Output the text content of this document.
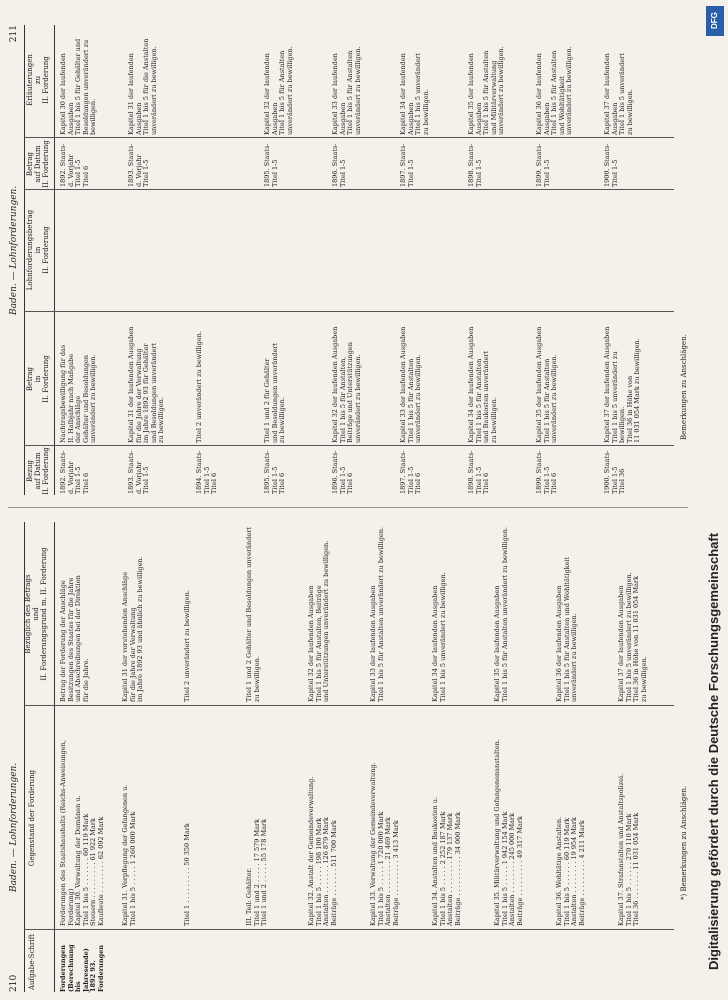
210
Baden. — Lohnforderungen.
Baden. — Lohnforderungen.
211
Aufgabe-Schrift
Gegenstand der Forderung
Bezüglich des Betrags
und
II. Forderungsgrund m. II. Forderung
Bezug
auf Datum
II. Forderung
Betrag
in
II. Forderung
Lohnforderungsbetrag
in
II. Forderung
Betrag
auf Datum
II. Forderung
Erläuterungen
zu
II. Forderung
Forderungen
(Berechnung bis
Jahresende)
1892 93.
Forderungen
Forderungen des Staatshaushalts (Reichs-Anweisungen, Forderung)
Kapitel 30. Verwaltung der Domänen u.
Titel 1 bis 5 . . . . . . . 60 119 Mark
Steuern . . . . . . . . . 61 922 Mark
Kaufleute . . . . . . . . 62 092 Mark
Betrag der Forderung der Anschläge
Besitzungen des Staates für die Jahre
und Abschreibungen bei der Direktion
für die Jahre.
Kapitel 31. Verpflegung der Gefangenen u.
Titel 1 bis 5 . . . . . 1 260 000 Mark
Kapitel 31 der vorstehenden Anschläge
für die Jahre der Verwaltung
im Jahre 1892 93 und ähnlich zu bewilligen.
Titel 1 . . . . . . . . . 50 350 Mark
Titel 2 unverändert zu bewilligen.
III. Teil: Gehälter.
Titel 1 und 2 . . . . . 17 579 Mark
Titel 1 und 2 . . . . . 55 178 Mark
Titel 1 und 2 Gehälter und Besoldungen unverändert zu bewilligen.
Kapitel 32. Anstalt der Gemeindeverwaltung.
Titel 1 bis 5 . . . . . 198 100 Mark
Anstalten . . . . . . . 126 879 Mark
Beiträge . . . . . . . 511 700 Mark
Kapitel 32 der laufenden Ausgaben
Titel 1 bis 5 für Anstalten, Beiträge
und Unterstützungen unverändert zu bewilligen.
Kapitel 33. Verwaltung der Gemeindeverwaltung.
Titel 1 bis 5 . . . . . 1 720 000 Mark
Anstalten . . . . . . . . 21 469 Mark
Beiträge . . . . . . . . . 3 413 Mark
Kapitel 33 der laufenden Ausgaben
Titel 1 bis 5 für Anstalten unverändert zu bewilligen.
Kapitel 34. Anstalten und Baukosten u.
Titel 1 bis 5 . . . . . 2 252 187 Mark
Anstalten . . . . . . . . 179 137 Mark
Beiträge . . . . . . . . . . 34 000 Mark
Kapitel 34 der laufenden Ausgaben
Titel 1 bis 5 unverändert zu bewilligen.
Kapitel 35. Militärverwaltung und Gefangenenanstalten.
Titel 1 bis 5 . . . . . 1 942 154 Mark
Anstalten . . . . . . . . 245 000 Mark
Beiträge . . . . . . . . . 49 317 Mark
Kapitel 35 der laufenden Ausgaben
Titel 1 bis 5 für Anstalten unverändert zu bewilligen.
Kapitel 36. Wohltätige Anstalten.
Titel 1 bis 5 . . . . . . 60 119 Mark
Anstalten . . . . . . . . 19 954 Mark
Beiträge . . . . . . . . . 4 211 Mark
Kapitel 36 der laufenden Ausgaben
Titel 1 bis 5 für Anstalten und Wohltätigkeit unverändert zu bewilligen.
Kapitel 37. Strafanstalten und Anstaltspolizei.
Titel 1 bis 5 . . . . . . 270 110 Mark
Titel 36 . . . . . . . 11 031 054 Mark
Kapitel 37 der laufenden Ausgaben
Titel 1 bis 5 unverändert zu bewilligen.
Titel 36 in Höhe von 11 031 054 Mark
zu bewilligen.
1892. Staats-
d. Vorjahr
Titel 1-5
Titel 6
Nachtragsbewilligung für das
II. Halbjahr nach Maßgabe
der Anschläge
Gehälter und Besoldungen
unverändert zu bewilligen.
1892. Staats-
d. Vorjahr
Titel 1-5
Titel 6
Kapitel 30 der laufenden Ausgaben
Titel 1 bis 5 für Gehälter und
Besoldungen unverändert zu bewilligen.
1893. Staats-
d. Vorjahr
Titel 1-5
Kapitel 31 der laufenden Ausgaben
für die Jahre der Verwaltung
im Jahre 1892 93 für Gehälter
und Besoldungen unverändert
zu bewilligen.
1893. Staats-
d. Vorjahr
Titel 1-5
Kapitel 31 der laufenden Ausgaben
Titel 1 bis 5 für die Anstalten
unverändert zu bewilligen.
1894. Staats-
Titel 1-5
Titel 6
Titel 2 unverändert zu bewilligen.
1895. Staats-
Titel 1-5
Titel 6
Titel 1 und 2 für Gehälter
und Besoldungen unverändert
zu bewilligen.
1895. Staats-
Titel 1-5
Kapitel 32 der laufenden Ausgaben
Titel 1 bis 5 für Anstalten
unverändert zu bewilligen.
1896. Staats-
Titel 1-5
Titel 6
Kapitel 32 der laufenden Ausgaben
Titel 1 bis 5 für Anstalten,
Beiträge und Unterstützungen
unverändert zu bewilligen.
1896. Staats-
Titel 1-5
Kapitel 33 der laufenden Ausgaben
Titel 1 bis 5 für Anstalten
unverändert zu bewilligen.
1897. Staats-
Titel 1-5
Titel 6
Kapitel 33 der laufenden Ausgaben
Titel 1 bis 5 für Anstalten
unverändert zu bewilligen.
1897. Staats-
Titel 1-5
Kapitel 34 der laufenden Ausgaben
Titel 1 bis 5 unverändert
zu bewilligen.
1898. Staats-
Titel 1-5
Titel 6
Kapitel 34 der laufenden Ausgaben
Titel 1 bis 5 für Anstalten
und Baukosten unverändert
zu bewilligen.
1898. Staats-
Titel 1-5
Kapitel 35 der laufenden Ausgaben
Titel 1 bis 5 für Anstalten
und Militärverwaltung
unverändert zu bewilligen.
1899. Staats-
Titel 1-5
Titel 6
Kapitel 35 der laufenden Ausgaben
Titel 1 bis 5 für Anstalten
unverändert zu bewilligen.
1899. Staats-
Titel 1-5
Kapitel 36 der laufenden Ausgaben
Titel 1 bis 5 für Anstalten
und Wohltätigkeit
unverändert zu bewilligen.
1900. Staats-
Titel 1-5
Titel 36
Kapitel 37 der laufenden Ausgaben
Titel 1 bis 5 unverändert zu
bewilligen.
Titel 36 in Höhe von
11 031 054 Mark zu bewilligen.
1900. Staats-
Titel 1-5
Kapitel 37 der laufenden Ausgaben
Titel 1 bis 5 unverändert
zu bewilligen.
*) Bemerkungen zu Anschlägen.
Bemerkungen zu Anschlägen.
Digitalisierung gefördert durch die Deutsche Forschungsgemeinschaft
DFG
